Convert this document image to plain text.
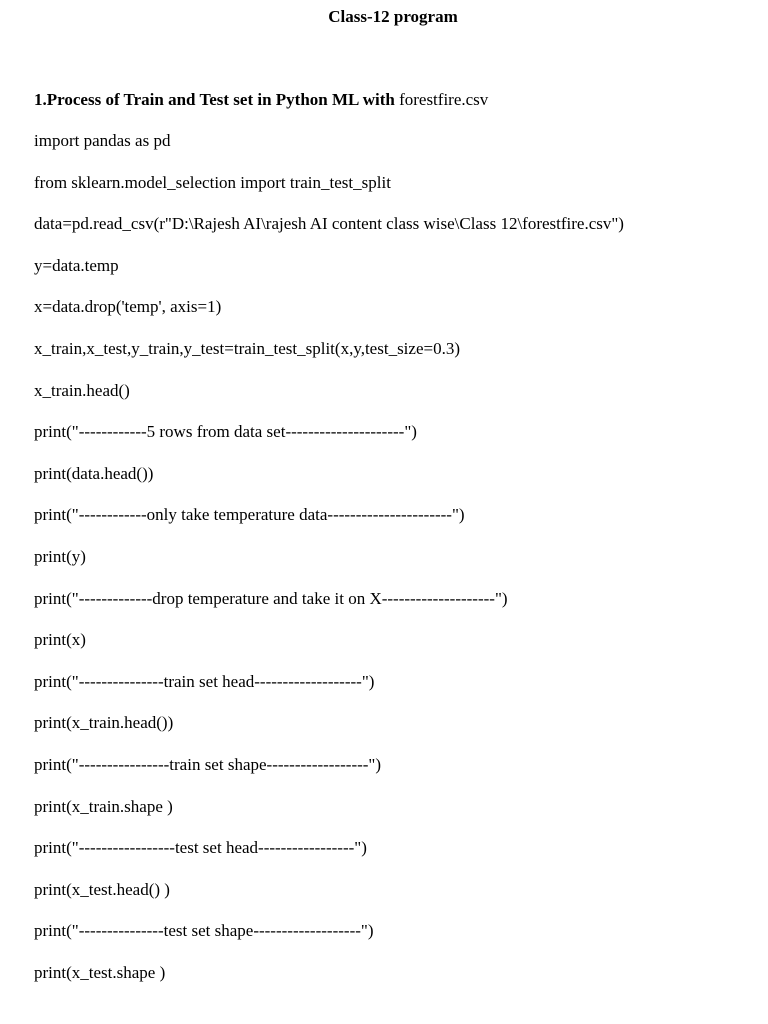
Class-12 program
1.Process of Train and Test set in Python ML with forestfire.csv
import pandas as pd
from sklearn.model_selection import train_test_split
data=pd.read_csv(r"D:\Rajesh AI\rajesh AI content class wise\Class 12\forestfire.csv")
y=data.temp
x=data.drop('temp', axis=1)
x_train,x_test,y_train,y_test=train_test_split(x,y,test_size=0.3)
x_train.head()
print("------------5 rows from data set---------------------")
print(data.head())
print("------------only take temperature data----------------------")
print(y)
print("-------------drop temperature and take it on X--------------------")
print(x)
print("---------------train set head-------------------")
print(x_train.head())
print("----------------train set shape------------------")
print(x_train.shape )
print("-----------------test set head-----------------")
print(x_test.head() )
print("---------------test set shape-------------------")
print(x_test.shape )
